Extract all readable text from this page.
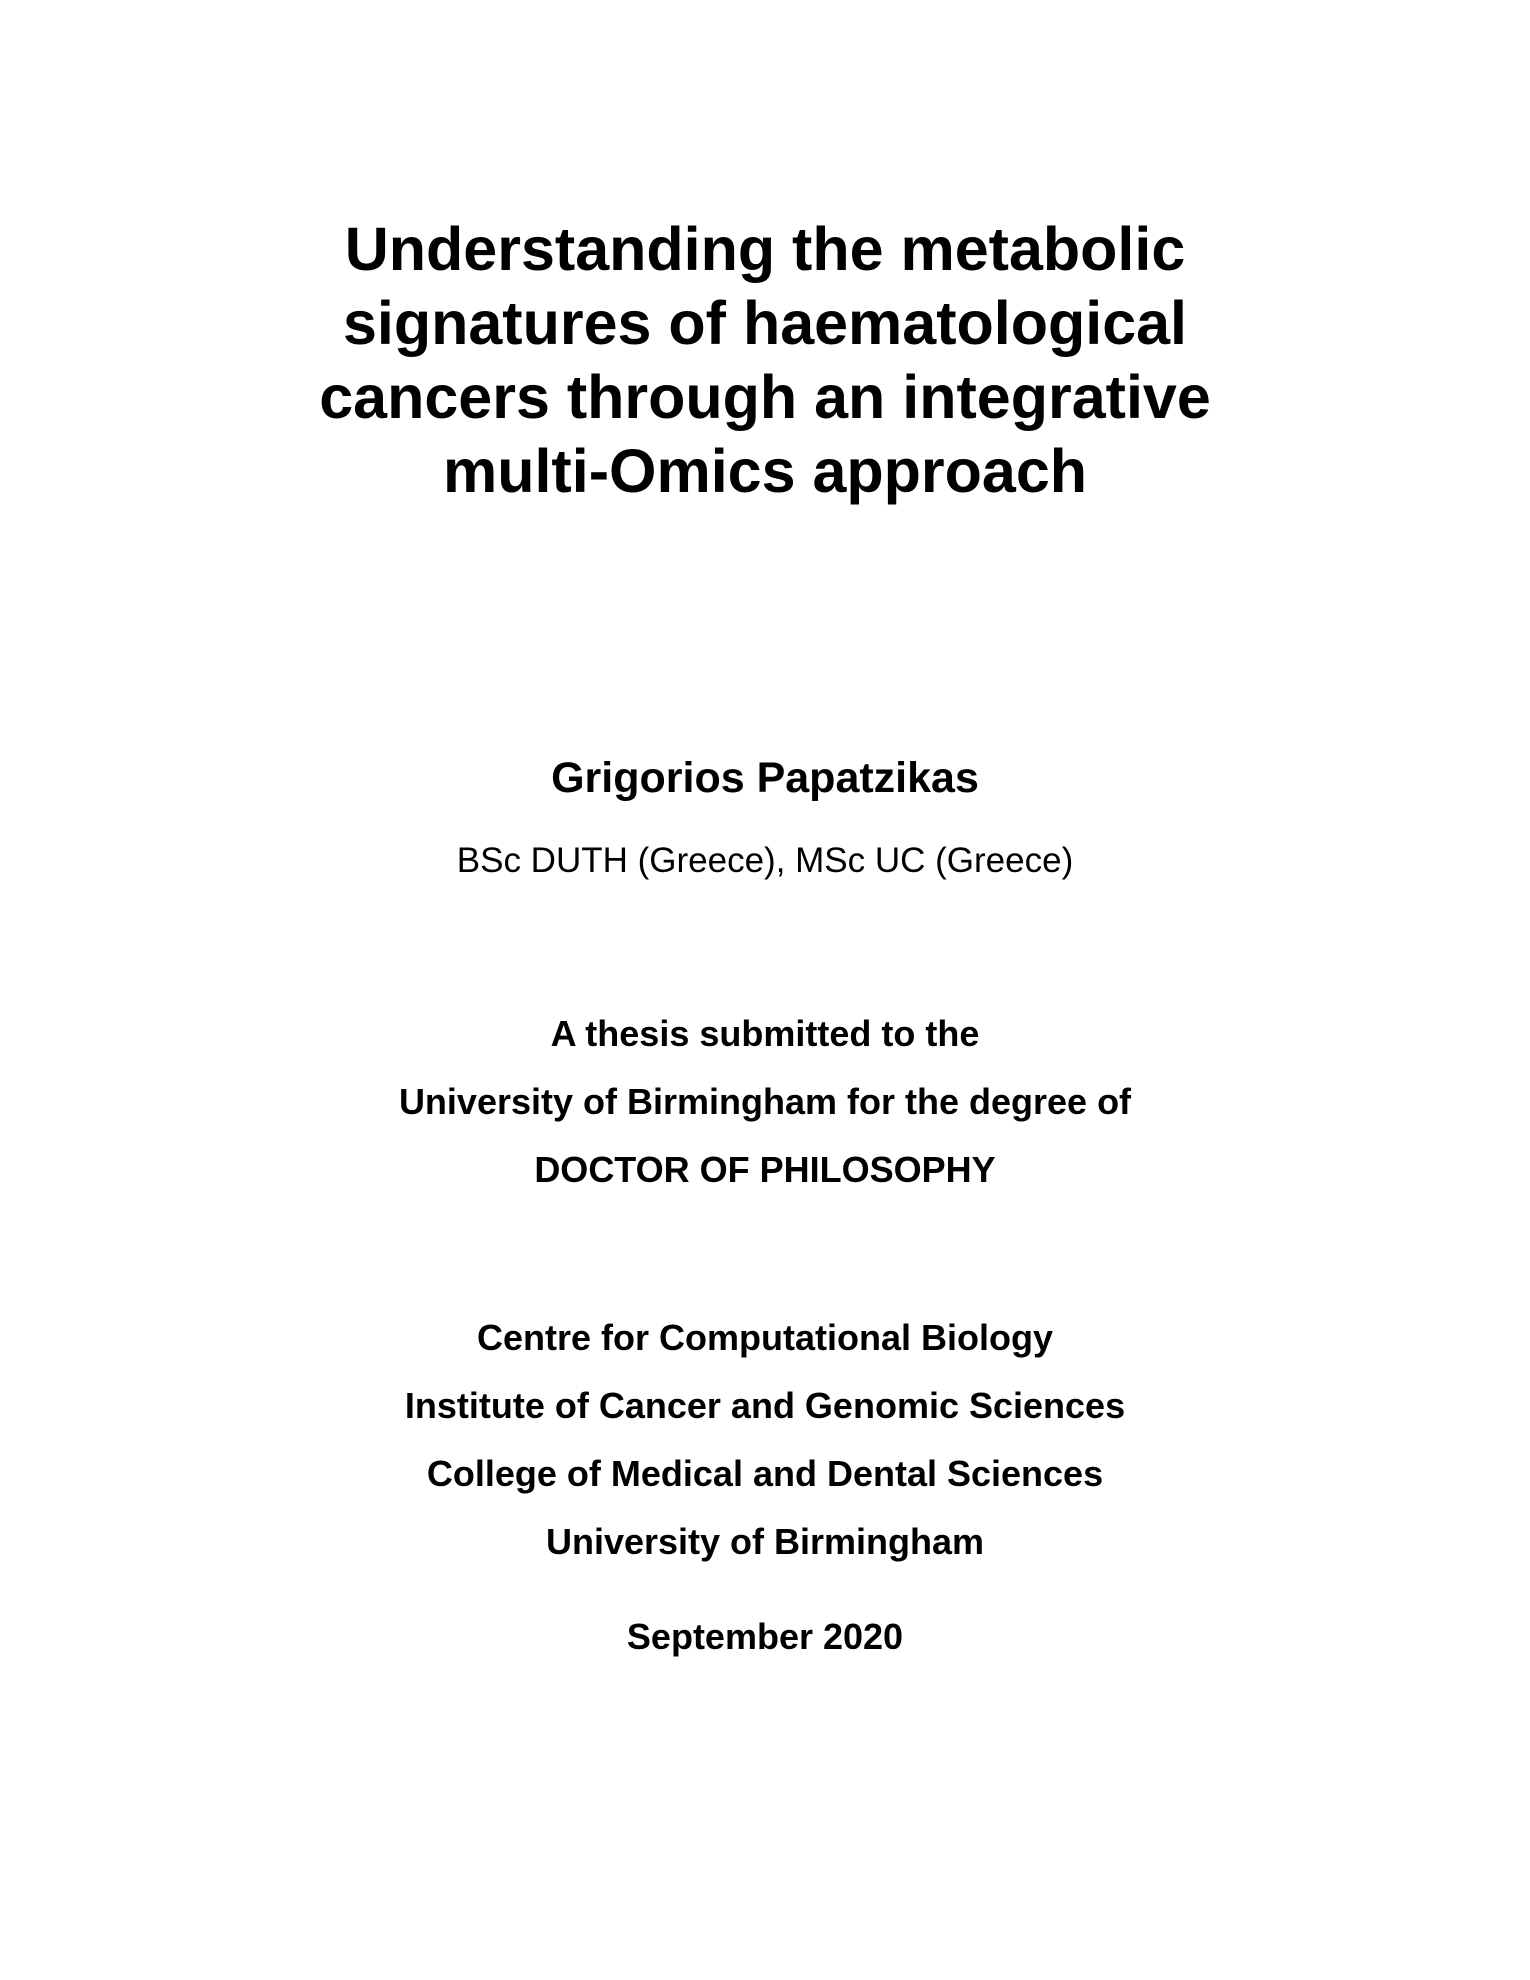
Understanding the metabolic
signatures of haematological
cancers through an integrative
multi-Omics approach
Grigorios Papatzikas
BSc DUTH (Greece), MSc UC (Greece)
A thesis submitted to the
University of Birmingham for the degree of
DOCTOR OF PHILOSOPHY
Centre for Computational Biology
Institute of Cancer and Genomic Sciences
College of Medical and Dental Sciences
University of Birmingham
September 2020
